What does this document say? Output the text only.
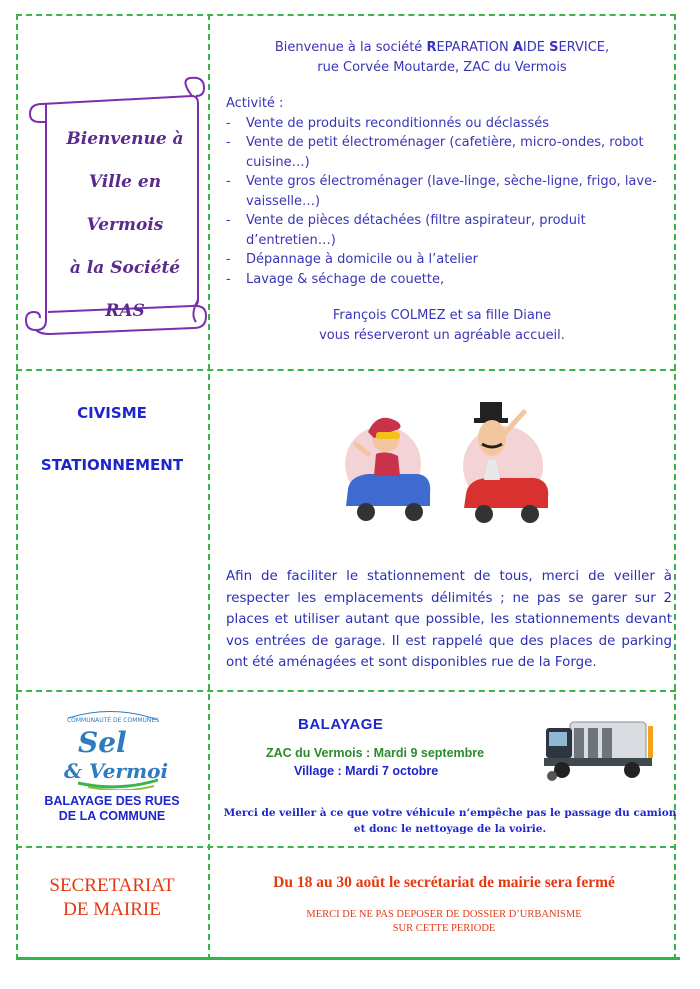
Bienvenue à
Ville en Vermois
à la Société
RAS
Bienvenue à la société REPARATION AIDE SERVICE,
rue Corvée Moutarde, ZAC du Vermois
Activité :
- Vente de produits reconditionnés ou déclassés
- Vente de petit électroménager (cafetière, micro-ondes, robot cuisine…)
- Vente gros électroménager (lave-linge, sèche-ligne, frigo, lave-vaisselle…)
- Vente de pièces détachées (filtre aspirateur, produit d’entretien…)
- Dépannage à domicile ou à l’atelier
- Lavage & séchage de couette,
François COLMEZ et sa fille Diane
vous réserveront un agréable accueil.
CIVISME
STATIONNEMENT
Afin de faciliter le stationnement de tous, merci de veiller à respecter les emplacements délimités ; ne pas se garer sur 2 places et utiliser autant que possible, les stationnements devant vos entrées de garage. Il est rappelé que des places de parking ont été aménagées et sont disponibles rue de la Forge.
COMMUNAUTÉ DE COMMUNES
Sel
& Vermois
BALAYAGE DES RUES
DE LA COMMUNE
BALAYAGE
ZAC du Vermois : Mardi 9 septembre
Village : Mardi 7 octobre
Merci de veiller à ce que votre véhicule n’empêche pas le passage du camion
et donc le nettoyage de la voirie.
SECRETARIAT
DE MAIRIE
Du 18 au 30 août le secrétariat de mairie sera fermé
MERCI DE NE PAS DEPOSER DE DOSSIER D’URBANISME
SUR CETTE PERIODE
